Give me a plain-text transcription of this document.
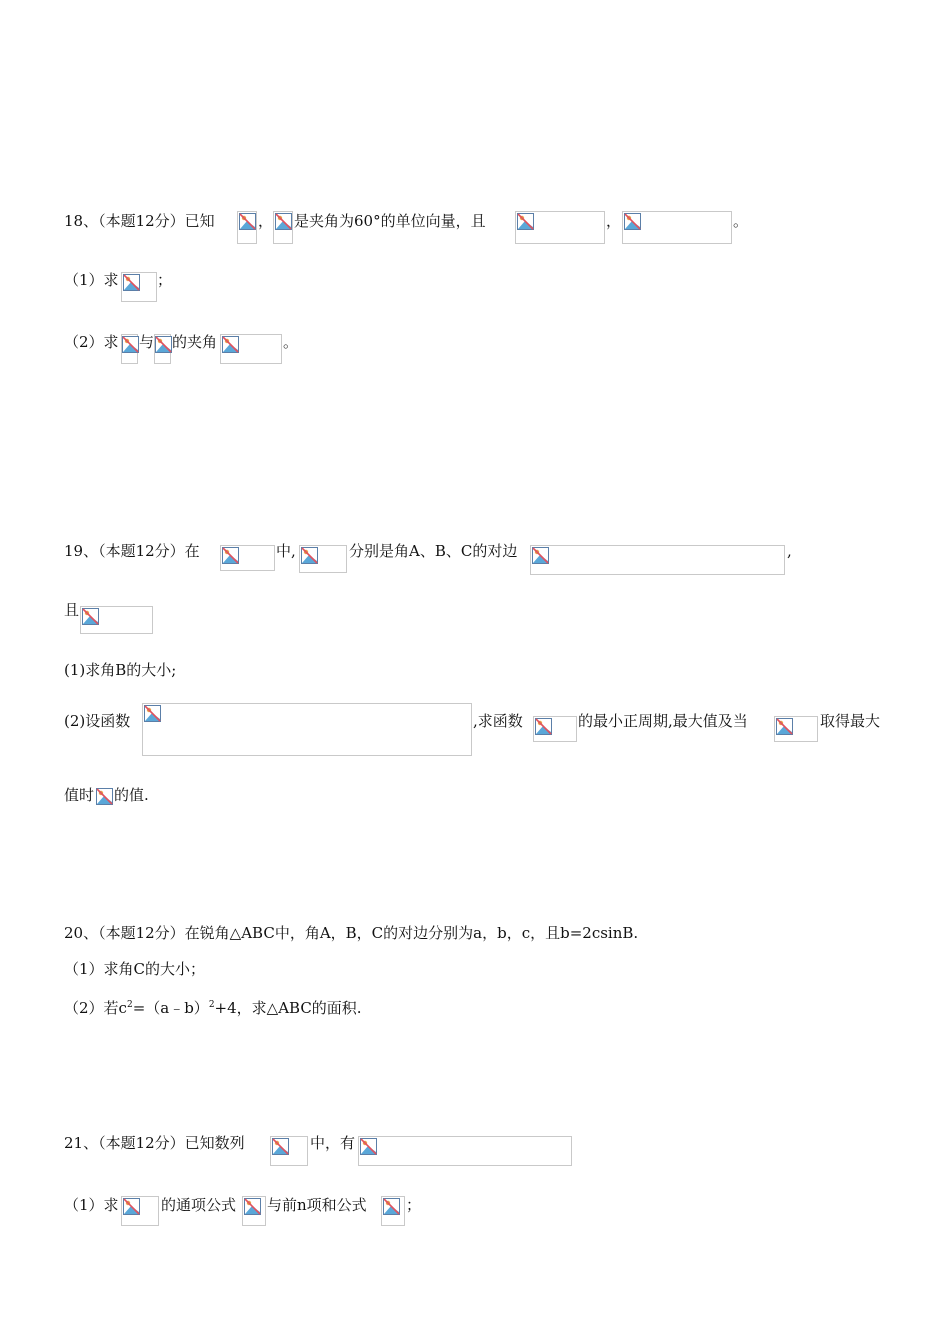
18、（本题12分）已知	， 是夹角为60°的单位向量，且	，	。
（1）求	；
（2）求 与 的夹角	。
19、（本题12分）在	中,	分别是角A、B、C的对边	,
且
(1)求角B的大小;
(2)设函数	,求函数	的最小正周期,最大值及当	取得最大
值时 的值.
20、（本题12分）在锐角△ABC中，角A，B，C的对边分别为a，b，c，且b=2csinB.
（1）求角C的大小；
（2）若$c^2=(a﹣b)^2+4$，求△ABC的面积.
21、（本题12分）已知数列	中，有
（1）求	的通项公式 与前n项和公式	；
